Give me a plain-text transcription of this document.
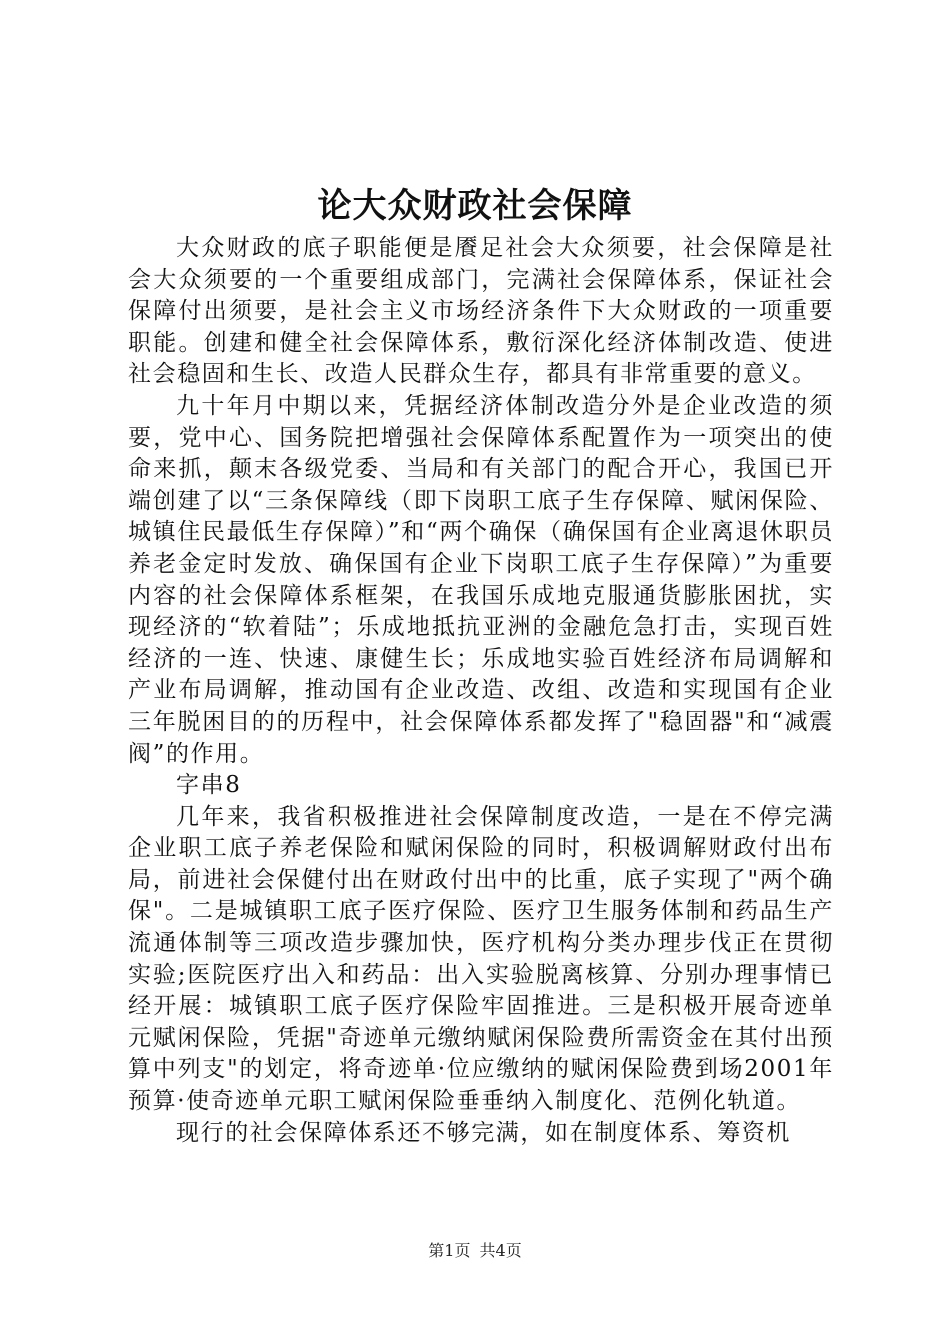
论大众财政社会保障

大众财政的底子职能便是餍足社会大众须要，社会保障是社会大众须要的一个重要组成部门，完满社会保障体系，保证社会保障付出须要，是社会主义市场经济条件下大众财政的一项重要职能。创建和健全社会保障体系，敷衍深化经济体制改造、使进社会稳固和生长、改造人民群众生存，都具有非常重要的意义。

九十年月中期以来，凭据经济体制改造分外是企业改造的须要，党中心、国务院把增强社会保障体系配置作为一项突出的使命来抓，颠末各级党委、当局和有关部门的配合开心，我国已开端创建了以“三条保障线（即下岗职工底子生存保障、赋闲保险、城镇住民最低生存保障）”和“两个确保（确保国有企业离退休职员养老金定时发放、确保国有企业下岗职工底子生存保障）”为重要内容的社会保障体系框架，在我国乐成地克服通货膨胀困扰，实现经济的“软着陆”；乐成地抵抗亚洲的金融危急打击，实现百姓经济的一连、快速、康健生长；乐成地实验百姓经济布局调解和产业布局调解，推动国有企业改造、改组、改造和实现国有企业三年脱困目的的历程中，社会保障体系都发挥了"稳固器"和“减震阀”的作用。

字串8

几年来，我省积极推进社会保障制度改造，一是在不停完满企业职工底子养老保险和赋闲保险的同时，积极调解财政付出布局，前进社会保健付出在财政付出中的比重，底子实现了"两个确保"。二是城镇职工底子医疗保险、医疗卫生服务体制和药品生产流通体制等三项改造步骤加快，医疗机构分类办理步伐正在贯彻实验;医院医疗出入和药品：出入实验脱离核算、分别办理事情已经开展：城镇职工底子医疗保险牢固推进。三是积极开展奇迹单元赋闲保险，凭据"奇迹单元缴纳赋闲保险费所需资金在其付出预算中列支"的划定，将奇迹单·位应缴纳的赋闲保险费到场2001年预算·使奇迹单元职工赋闲保险垂垂纳入制度化、范例化轨道。

现行的社会保障体系还不够完满，如在制度体系、筹资机

第1页 共4页
